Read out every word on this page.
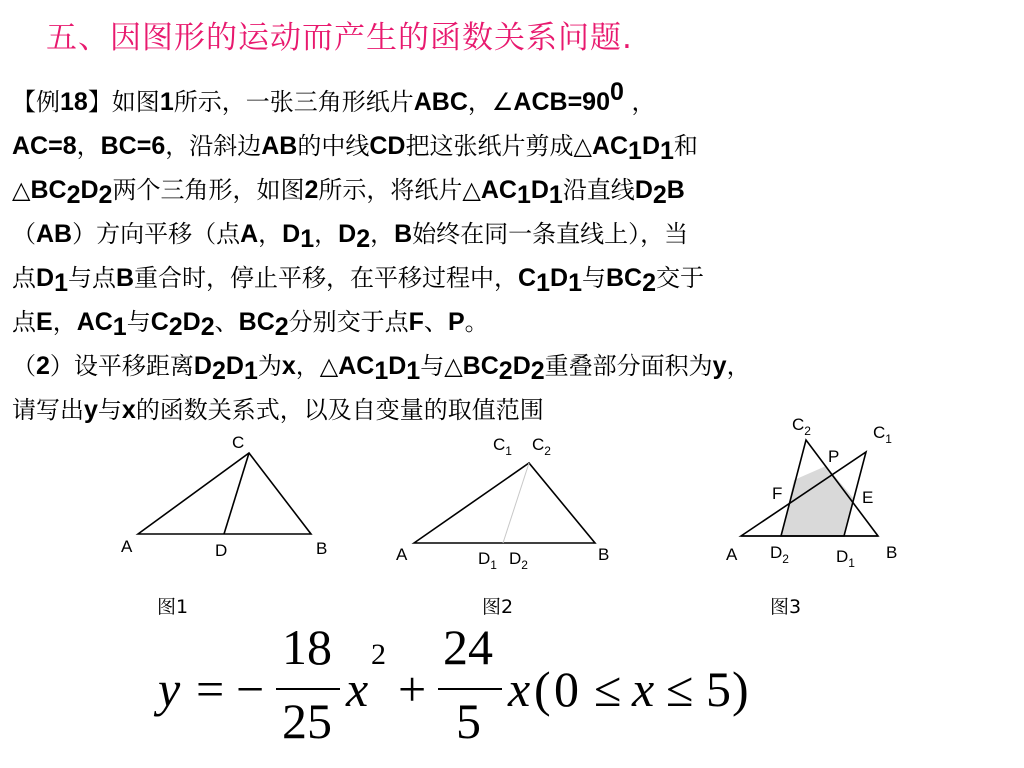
五、因图形的运动而产生的函数关系问题.
【例18】如图1所示，一张三角形纸片ABC，$\angle ACB=90^0$ ，
AC=8，BC=6，沿斜边AB的中线CD把这张纸片剪成$\triangle AC_1D_1$和
$\triangle BC_2D_2$两个三角形，如图2所示，将纸片$\triangle AC_1D_1$沿直线$D_2B$
（AB）方向平移（点A，$D_1$，$D_2$，B始终在同一条直线上），当
点$D_1$与点B重合时，停止平移，在平移过程中，$C_1D_1$与$BC_2$交于
点E，$AC_1$与$C_2D_2$、$BC_2$分别交于点F、P。
（2）设平移距离$D_2D_1$为x，$\triangle AC_1D_1$与$\triangle BC_2D_2$重叠部分面积为y，
请写出y与x的函数关系式，以及自变量的取值范围
C
A	D	B
$C_1$ $C_2$
A	$D_1$ $D_2$
B
$C_2$	$C_1$
P
F	E
A $D_2$	$D_1$
B
图1	图2	图3
y = −
18
25
x
2
+
24
5
x ( 0 ≤ x ≤ 5 )
